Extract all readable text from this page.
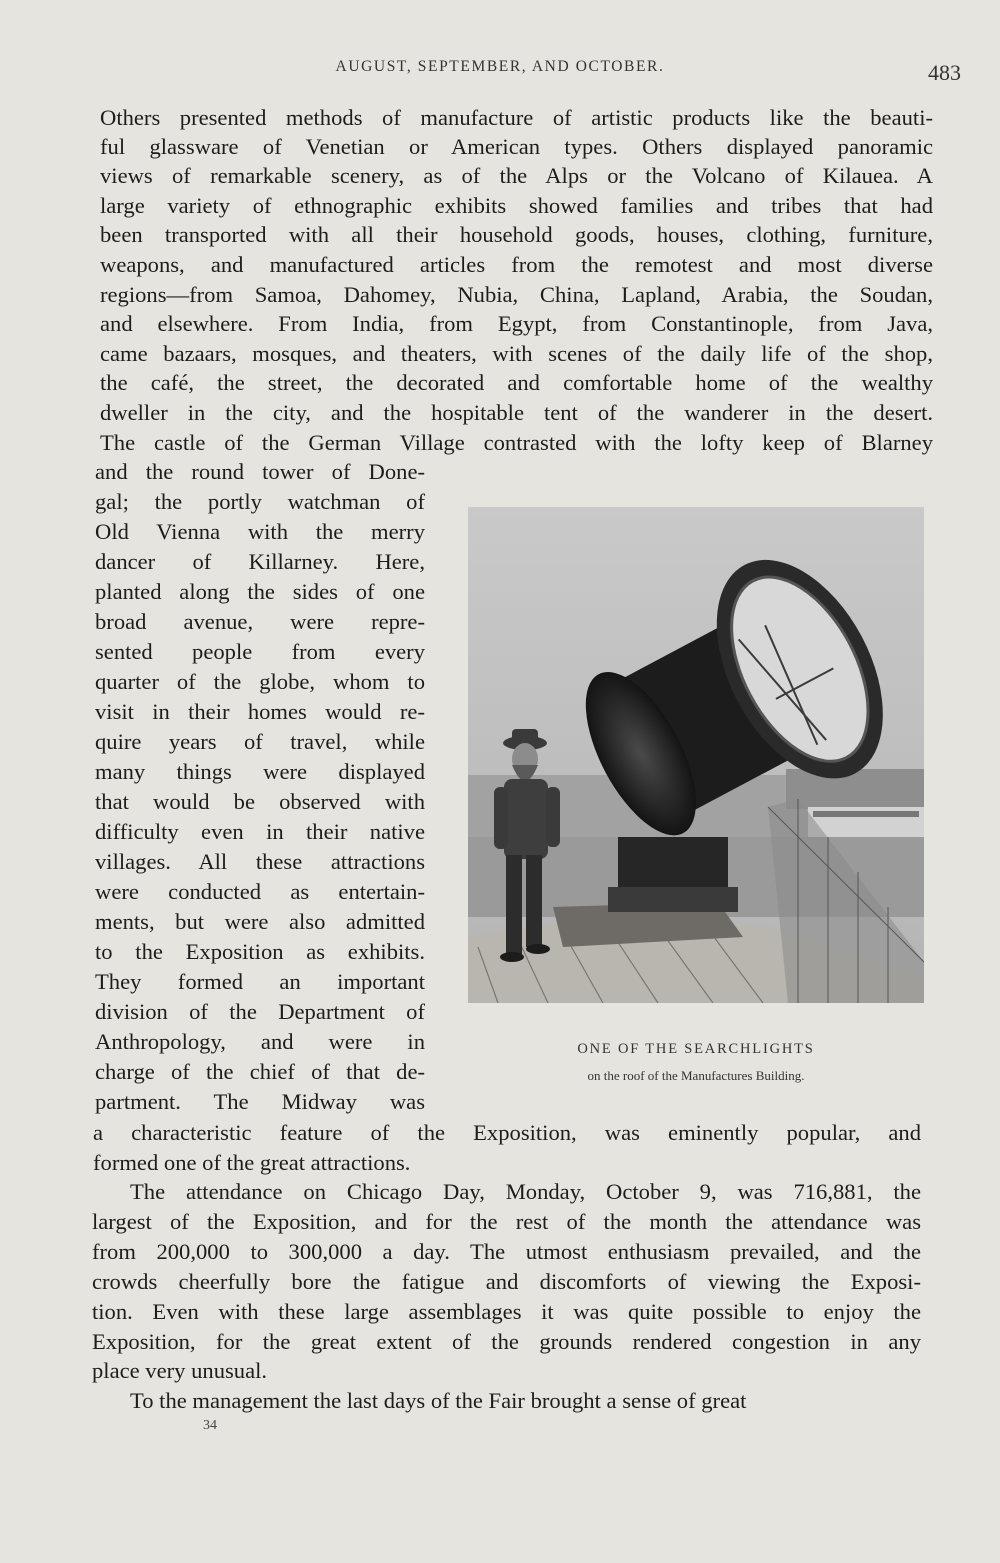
AUGUST, SEPTEMBER, AND OCTOBER.	483
Others presented methods of manufacture of artistic products like the beauti-
ful glassware of Venetian or American types. Others displayed panoramic
views of remarkable scenery, as of the Alps or the Volcano of Kilauea. A
large variety of ethnographic exhibits showed families and tribes that had
been transported with all their household goods, houses, clothing, furniture,
weapons, and manufactured articles from the remotest and most diverse
regions—from Samoa, Dahomey, Nubia, China, Lapland, Arabia, the Soudan,
and elsewhere. From India, from Egypt, from Constantinople, from Java,
came bazaars, mosques, and theaters, with scenes of the daily life of the shop,
the café, the street, the decorated and comfortable home of the wealthy
dweller in the city, and the hospitable tent of the wanderer in the desert.
The castle of the German Village contrasted with the lofty keep of Blarney
and the round tower of Done-
gal; the portly watchman of
Old Vienna with the merry
dancer of Killarney. Here,
planted along the sides of one
broad avenue, were repre-
sented people from every
quarter of the globe, whom to
visit in their homes would re-
quire years of travel, while
many things were displayed
that would be observed with
difficulty even in their native
villages. All these attractions
were conducted as entertain-
ments, but were also admitted
to the Exposition as exhibits.
They formed an important
division of the Department of
Anthropology, and were in
charge of the chief of that de-
partment. The Midway was
a characteristic feature of the Exposition, was eminently popular, and
formed one of the great attractions.
The attendance on Chicago Day, Monday, October 9, was 716,881, the
largest of the Exposition, and for the rest of the month the attendance was
from 200,000 to 300,000 a day. The utmost enthusiasm prevailed, and the
crowds cheerfully bore the fatigue and discomforts of viewing the Exposi-
tion. Even with these large assemblages it was quite possible to enjoy the
Exposition, for the great extent of the grounds rendered congestion in any
place very unusual.
To the management the last days of the Fair brought a sense of great
ONE OF THE SEARCHLIGHTS
on the roof of the Manufactures Building.
34
